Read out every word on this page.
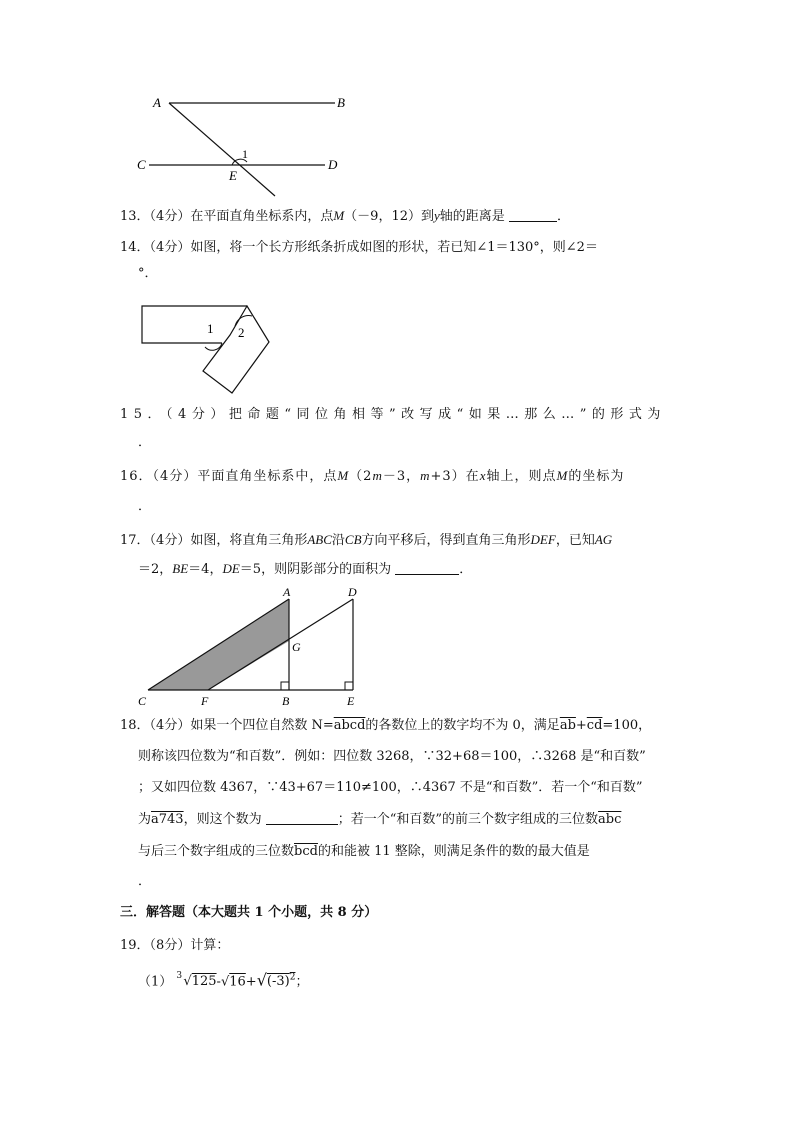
A	B
C	D
E
1
13．（4分）在平面直角坐标系内，点M（－9，12）到y轴的距离是	．
14．（4分）如图，将一个长方形纸条折成如图的形状，若已知∠1＝130°，则∠2＝
°．
1 2
15．（4分）把命题“同位角相等”改写成“如果…那么…”的形式为
．
16．（4分）平面直角坐标系中，点M（2m－3，m+3）在x轴上，则点M的坐标为
．
17．（4分）如图，将直角三角形ABC沿CB方向平移后，得到直角三角形DEF，已知AG
＝2，BE＝4，DE＝5，则阴影部分的面积为	．
A	D
G
C	F	B	E
18．（4分）如果一个四位自然数 N=abcd的各数位上的数字均不为 0，满足$\overline{ab}+\overline{cd}=100$，
则称该四位数为“和百数”．例如：四位数 3268，∵32+68＝100，∴3268 是“和百数”
；又如四位数 4367，∵43+67＝110≠100，∴4367 不是“和百数”．若一个“和百数”
为a743，则这个数为	；若一个“和百数”的前三个数字组成的三位数$\overline{abc}$
与后三个数字组成的三位数$\overline{bcd}$的和能被 11 整除，则满足条件的数的最大值是
．
三．解答题（本大题共 1 个小题，共 8 分）
19．（8分）计算：
（1） 3 $√125-√16+√(-3)^2$；
